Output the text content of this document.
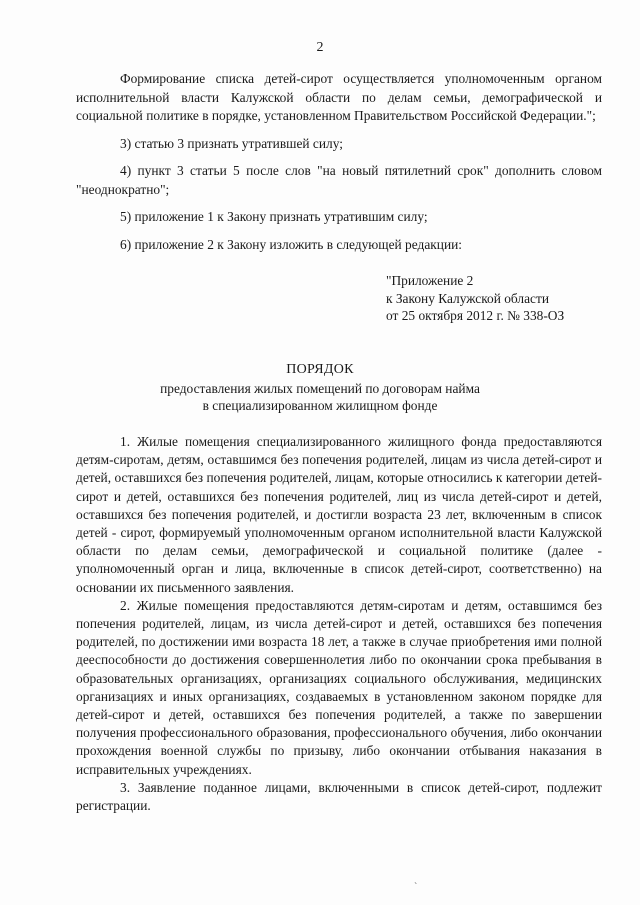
2

Формирование списка детей-сирот осуществляется уполномоченным органом исполнительной власти Калужской области по делам семьи, демографической и социальной политике в порядке, установленном Правительством Российской Федерации.";

3) статью 3 признать утратившей силу;

4) пункт 3 статьи 5 после слов "на новый пятилетний срок" дополнить словом "неоднократно";

5) приложение 1 к Закону признать утратившим силу;

6) приложение 2 к Закону изложить в следующей редакции:

"Приложение 2
к Закону Калужской области
от 25 октября 2012 г. № 338-ОЗ
ПОРЯДОК
предоставления жилых помещений по договорам найма
в специализированном жилищном фонде

1. Жилые помещения специализированного жилищного фонда предоставляются детям-сиротам, детям, оставшимся без попечения родителей, лицам из числа детей-сирот и детей, оставшихся без попечения родителей, лицам, которые относились к категории детей-сирот и детей, оставшихся без попечения родителей, лиц из числа детей-сирот и детей, оставшихся без попечения родителей, и достигли возраста 23 лет, включенным в список детей - сирот, формируемый уполномоченным органом исполнительной власти Калужской области по делам семьи, демографической и социальной политике (далее - уполномоченный орган и лица, включенные в список детей-сирот, соответственно) на основании их письменного заявления.

2. Жилые помещения предоставляются детям-сиротам и детям, оставшимся без попечения родителей, лицам, из числа детей-сирот и детей, оставшихся без попечения родителей, по достижении ими возраста 18 лет, а также в случае приобретения ими полной дееспособности до достижения совершеннолетия либо по окончании срока пребывания в образовательных организациях, организациях социального обслуживания, медицинских организациях и иных организациях, создаваемых в установленном законом порядке для детей-сирот и детей, оставшихся без попечения родителей, а также по завершении получения профессионального образования, профессионального обучения, либо окончании прохождения военной службы по призыву, либо окончании отбывания наказания в исправительных учреждениях.

3. Заявление поданное лицами, включенными в список детей-сирот, подлежит регистрации.

`
